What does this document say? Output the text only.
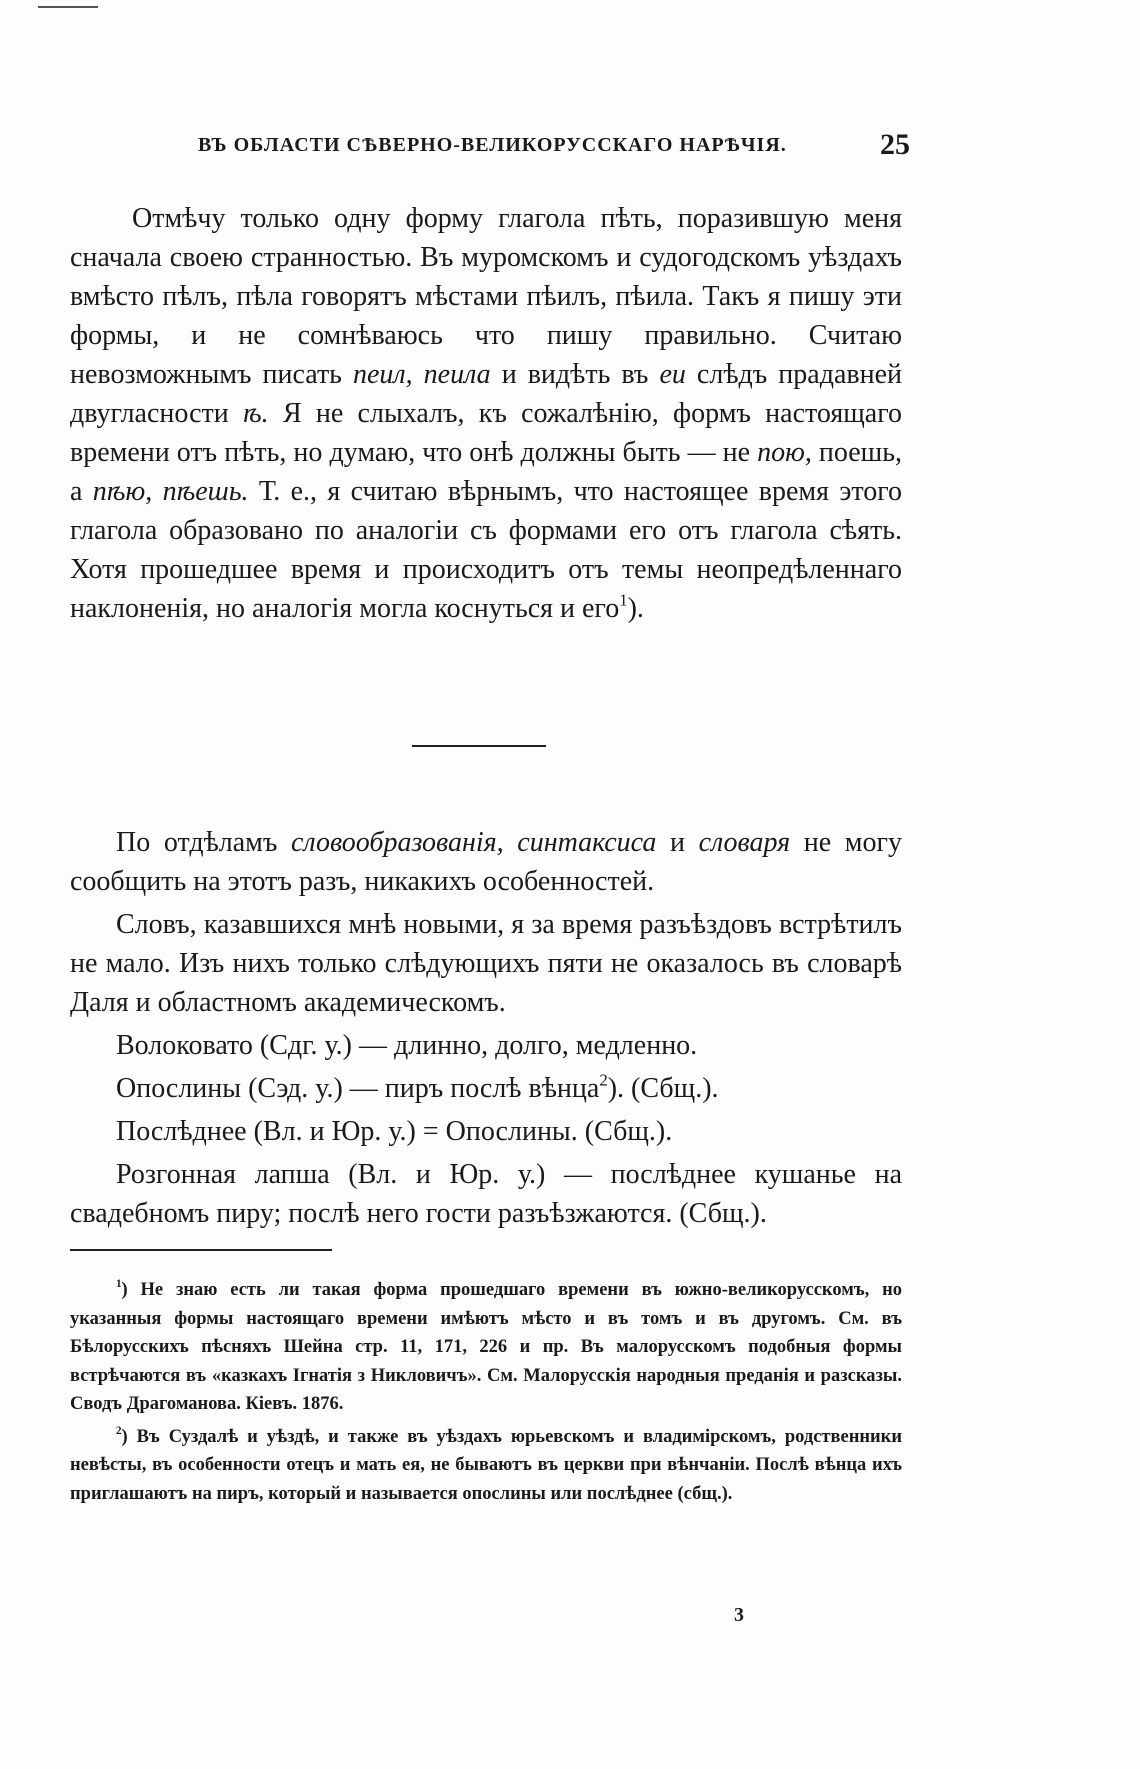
ВЪ ОБЛАСТИ СѢВЕРНО-ВЕЛИКОРУССКАГО НАРѢЧІЯ.	25

Отмѣчу только одну форму глагола пѣть, поразившую меня сначала своею странностью. Въ муромскомъ и судогодскомъ уѣздахъ вмѣсто пѣлъ, пѣла говорятъ мѣстами пѣилъ, пѣила. Такъ я пишу эти формы, и не сомнѣваюсь что пишу правильно. Считаю невозможнымъ писать пеил, пеила и видѣть въ еи слѣдъ прадавней двугласности ѣ. Я не слыхалъ, къ сожалѣнію, формъ настоящаго времени отъ пѣть, но думаю, что онѣ должны быть — не пою, поешь, а пѣю, пѣешь. Т. е., я считаю вѣрнымъ, что настоящее время этого глагола образовано по аналогіи съ формами его отъ глагола сѣять. Хотя прошедшее время и происходитъ отъ темы неопредѣленнаго наклоненія, но аналогія могла коснуться и его$^1$).

По отдѣламъ словообразованія, синтаксиса и словаря не могу сообщить на этотъ разъ, никакихъ особенностей.

Словъ, казавшихся мнѣ новыми, я за время разъѣздовъ встрѣтилъ не мало. Изъ нихъ только слѣдующихъ пяти не оказалось въ словарѣ Даля и областномъ академическомъ.

Волоковато (Сдг. у.) — длинно, долго, медленно.

Опослины (Сэд. у.) — пиръ послѣ вѣнца$^2$). (Сбщ.).

Послѣднее (Вл. и Юр. у.) = Опослины. (Сбщ.).

Розгонная лапша (Вл. и Юр. у.) — послѣднее кушанье на свадебномъ пиру; послѣ него гости разъѣзжаются. (Сбщ.).

$^1$) Не знаю есть ли такая форма прошедшаго времени въ южно-великорусскомъ, но указанныя формы настоящаго времени имѣютъ мѣсто и въ томъ и въ другомъ. См. въ Бѣлорусскихъ пѣсняхъ Шейна стр. 11, 171, 226 и пр. Въ малорусскомъ подобныя формы встрѣчаются въ «казкахъ Ігнатія з Никловичъ». См. Малорусскія народныя преданія и разсказы. Сводъ Драгоманова. Кіевъ. 1876.

$^2$) Въ Суздалѣ и уѣздѣ, и также въ уѣздахъ юрьевскомъ и владимірскомъ, родственники невѣсты, въ особенности отецъ и мать ея, не бываютъ въ церкви при вѣнчаніи. Послѣ вѣнца ихъ приглашаютъ на пиръ, который и называется опослины или послѣднее (сбщ.).

3
